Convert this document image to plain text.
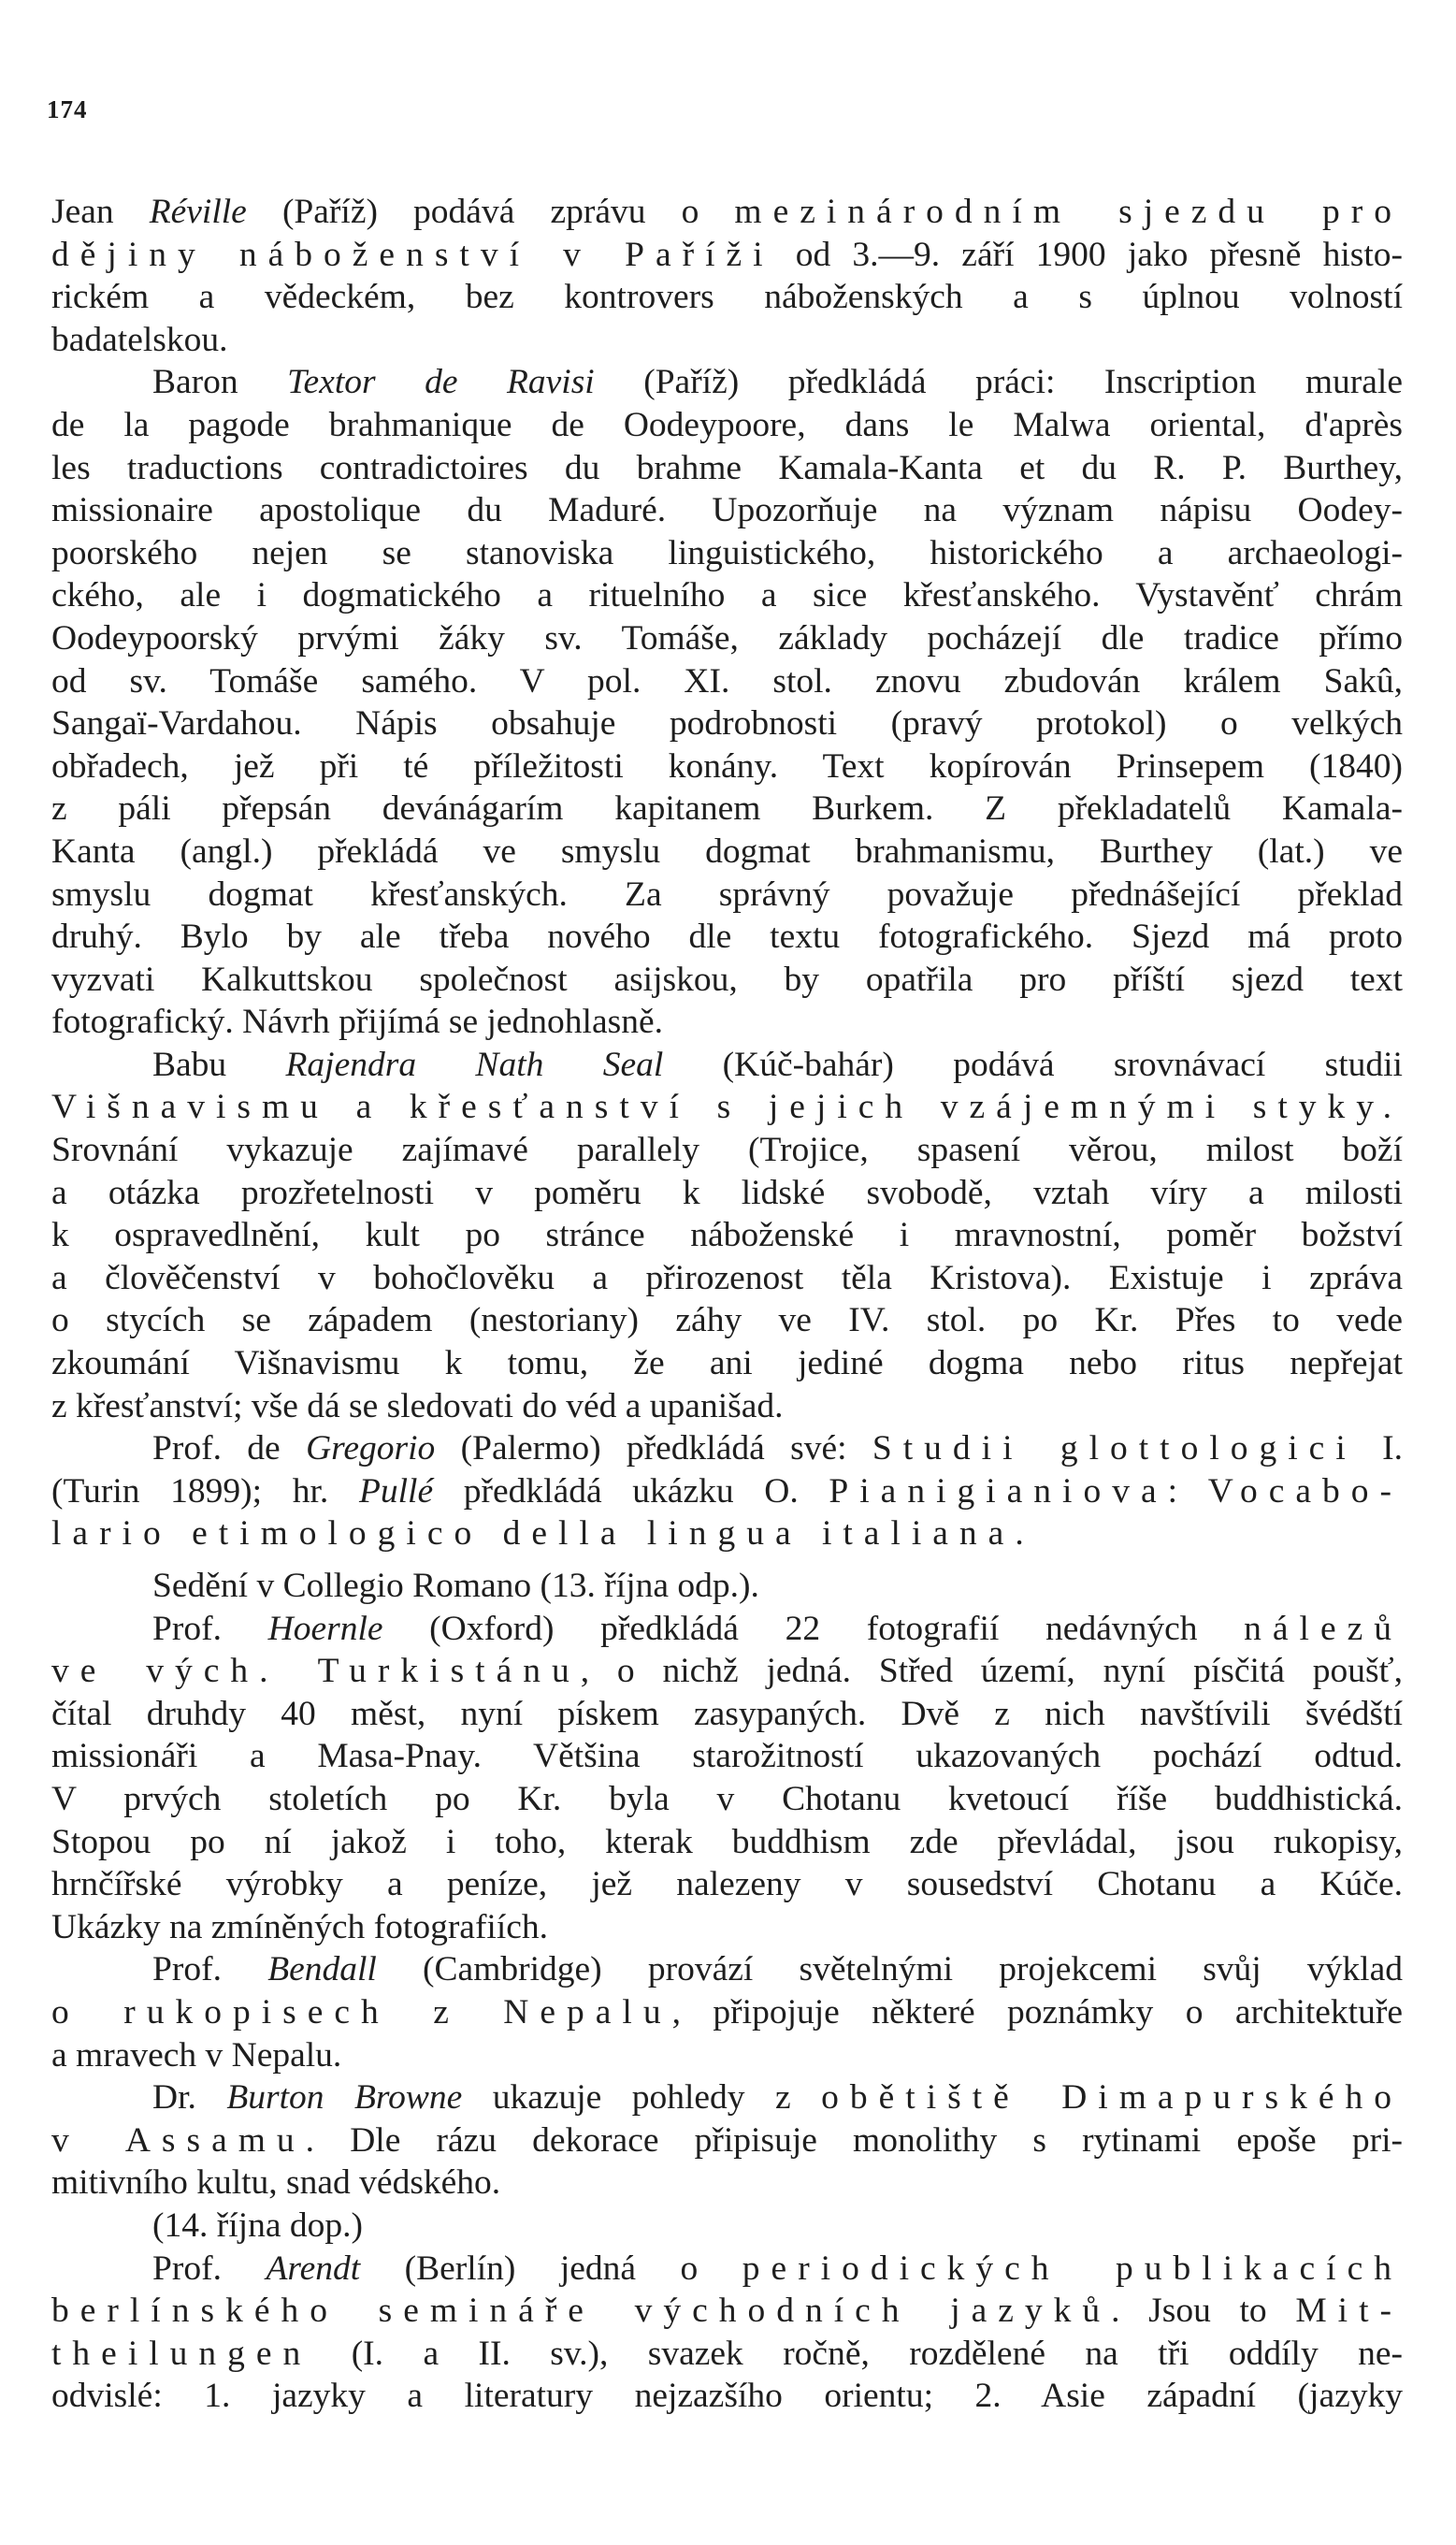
174
Jean Réville (Paříž) podává zprávu o mezinárodním sjezdu pro
dějiny náboženství v Paříži od 3.—9. září 1900 jako přesně histo-
rickém a vědeckém, bez kontrovers náboženských a s úplnou volností
badatelskou.
Baron Textor de Ravisi (Paříž) předkládá práci: Inscription murale
de la pagode brahmanique de Oodeypoore, dans le Malwa oriental, d'après
les traductions contradictoires du brahme Kamala-Kanta et du R. P. Burthey,
missionaire apostolique du Maduré. Upozorňuje na význam nápisu Oodey-
poorského nejen se stanoviska linguistického, historického a archaeologi-
ckého, ale i dogmatického a rituelního a sice křesťanského. Vystavěnť chrám
Oodeypoorský prvými žáky sv. Tomáše, základy pocházejí dle tradice přímo
od sv. Tomáše samého. V pol. XI. stol. znovu zbudován králem Sakû,
Sangaï-Vardahou. Nápis obsahuje podrobnosti (pravý protokol) o velkých
obřadech, jež při té příležitosti konány. Text kopírován Prinsepem (1840)
z páli přepsán devánágarím kapitanem Burkem. Z překladatelů Kamala-
Kanta (angl.) překládá ve smyslu dogmat brahmanismu, Burthey (lat.) ve
smyslu dogmat křesťanských. Za správný považuje přednášející překlad
druhý. Bylo by ale třeba nového dle textu fotografického. Sjezd má proto
vyzvati Kalkuttskou společnost asijskou, by opatřila pro příští sjezd text
fotografický. Návrh přijímá se jednohlasně.
Babu Rajendra Nath Seal (Kúč-bahár) podává srovnávací studii
Višnavismu a křesťanství s jejich vzájemnými styky.
Srovnání vykazuje zajímavé parallely (Trojice, spasení věrou, milost boží
a otázka prozřetelnosti v poměru k lidské svobodě, vztah víry a milosti
k ospravedlnění, kult po stránce náboženské i mravnostní, poměr božství
a člověčenství v bohočlověku a přirozenost těla Kristova). Existuje i zpráva
o stycích se západem (nestoriany) záhy ve IV. stol. po Kr. Přes to vede
zkoumání Višnavismu k tomu, že ani jediné dogma nebo ritus nepřejat
z křesťanství; vše dá se sledovati do véd a upanišad.
Prof. de Gregorio (Palermo) předkládá své: Studii glottologici I.
(Turin 1899); hr. Pullé předkládá ukázku O. Pianigianiova: Vocabo-
lario etimologico della lingua italiana.
Sedění v Collegio Romano (13. října odp.).
Prof. Hoernle (Oxford) předkládá 22 fotografií nedávných nálezů
ve vých. Turkistánu, o nichž jedná. Střed území, nyní písčitá poušť,
čítal druhdy 40 měst, nyní pískem zasypaných. Dvě z nich navštívili švédští
missionáři a Masa-Pnay. Většina starožitností ukazovaných pochází odtud.
V prvých stoletích po Kr. byla v Chotanu kvetoucí říše buddhistická.
Stopou po ní jakož i toho, kterak buddhism zde převládal, jsou rukopisy,
hrnčířské výrobky a peníze, jež nalezeny v sousedství Chotanu a Kúče.
Ukázky na zmíněných fotografiích.
Prof. Bendall (Cambridge) provází světelnými projekcemi svůj výklad
o rukopisech z Nepalu, připojuje některé poznámky o architektuře
a mravech v Nepalu.
Dr. Burton Browne ukazuje pohledy z obětiště Dimapurského
v Assamu. Dle rázu dekorace připisuje monolithy s rytinami epoše pri-
mitivního kultu, snad védského.
(14. října dop.)
Prof. Arendt (Berlín) jedná o periodických publikacích
berlínského semináře východních jazyků. Jsou to Mit-
theilungen (I. a II. sv.), svazek ročně, rozdělené na tři oddíly ne-
odvislé: 1. jazyky a literatury nejzazšího orientu; 2. Asie západní (jazyky
